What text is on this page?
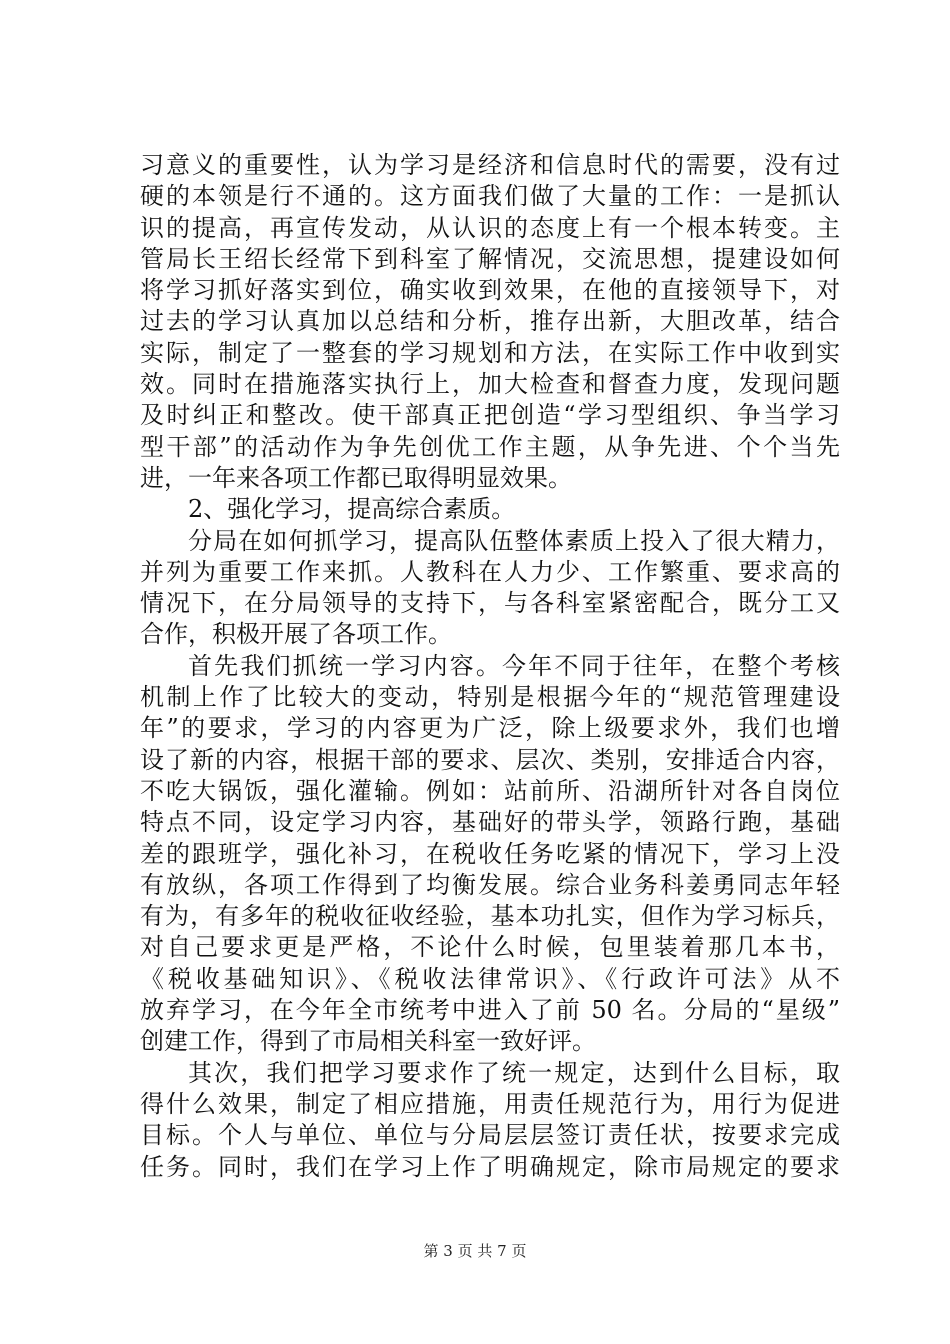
习意义的重要性，认为学习是经济和信息时代的需要，没有过
硬的本领是行不通的。这方面我们做了大量的工作：一是抓认
识的提高，再宣传发动，从认识的态度上有一个根本转变。主
管局长王绍长经常下到科室了解情况，交流思想，提建设如何
将学习抓好落实到位，确实收到效果，在他的直接领导下，对
过去的学习认真加以总结和分析，推存出新，大胆改革，结合
实际，制定了一整套的学习规划和方法，在实际工作中收到实
效。同时在措施落实执行上，加大检查和督查力度，发现问题
及时纠正和整改。使干部真正把创造“学习型组织、争当学习
型干部”的活动作为争先创优工作主题，从争先进、个个当先
进，一年来各项工作都已取得明显效果。
2、强化学习，提高综合素质。
分局在如何抓学习，提高队伍整体素质上投入了很大精力，
并列为重要工作来抓。人教科在人力少、工作繁重、要求高的
情况下，在分局领导的支持下，与各科室紧密配合，既分工又
合作，积极开展了各项工作。
首先我们抓统一学习内容。今年不同于往年，在整个考核
机制上作了比较大的变动，特别是根据今年的“规范管理建设
年”的要求，学习的内容更为广泛，除上级要求外，我们也增
设了新的内容，根据干部的要求、层次、类别，安排适合内容，
不吃大锅饭，强化灌输。例如：站前所、沿湖所针对各自岗位
特点不同，设定学习内容，基础好的带头学，领路行跑，基础
差的跟班学，强化补习，在税收任务吃紧的情况下，学习上没
有放纵，各项工作得到了均衡发展。综合业务科姜勇同志年轻
有为，有多年的税收征收经验，基本功扎实，但作为学习标兵，
对自己要求更是严格，不论什么时候，包里装着那几本书，
《税收基础知识》、《税收法律常识》、《行政许可法》从不
放弃学习，在今年全市统考中进入了前 50 名。分局的“星级”
创建工作，得到了市局相关科室一致好评。
其次，我们把学习要求作了统一规定，达到什么目标，取
得什么效果，制定了相应措施，用责任规范行为，用行为促进
目标。个人与单位、单位与分局层层签订责任状，按要求完成
任务。同时，我们在学习上作了明确规定，除市局规定的要求
第 3 页 共 7 页
